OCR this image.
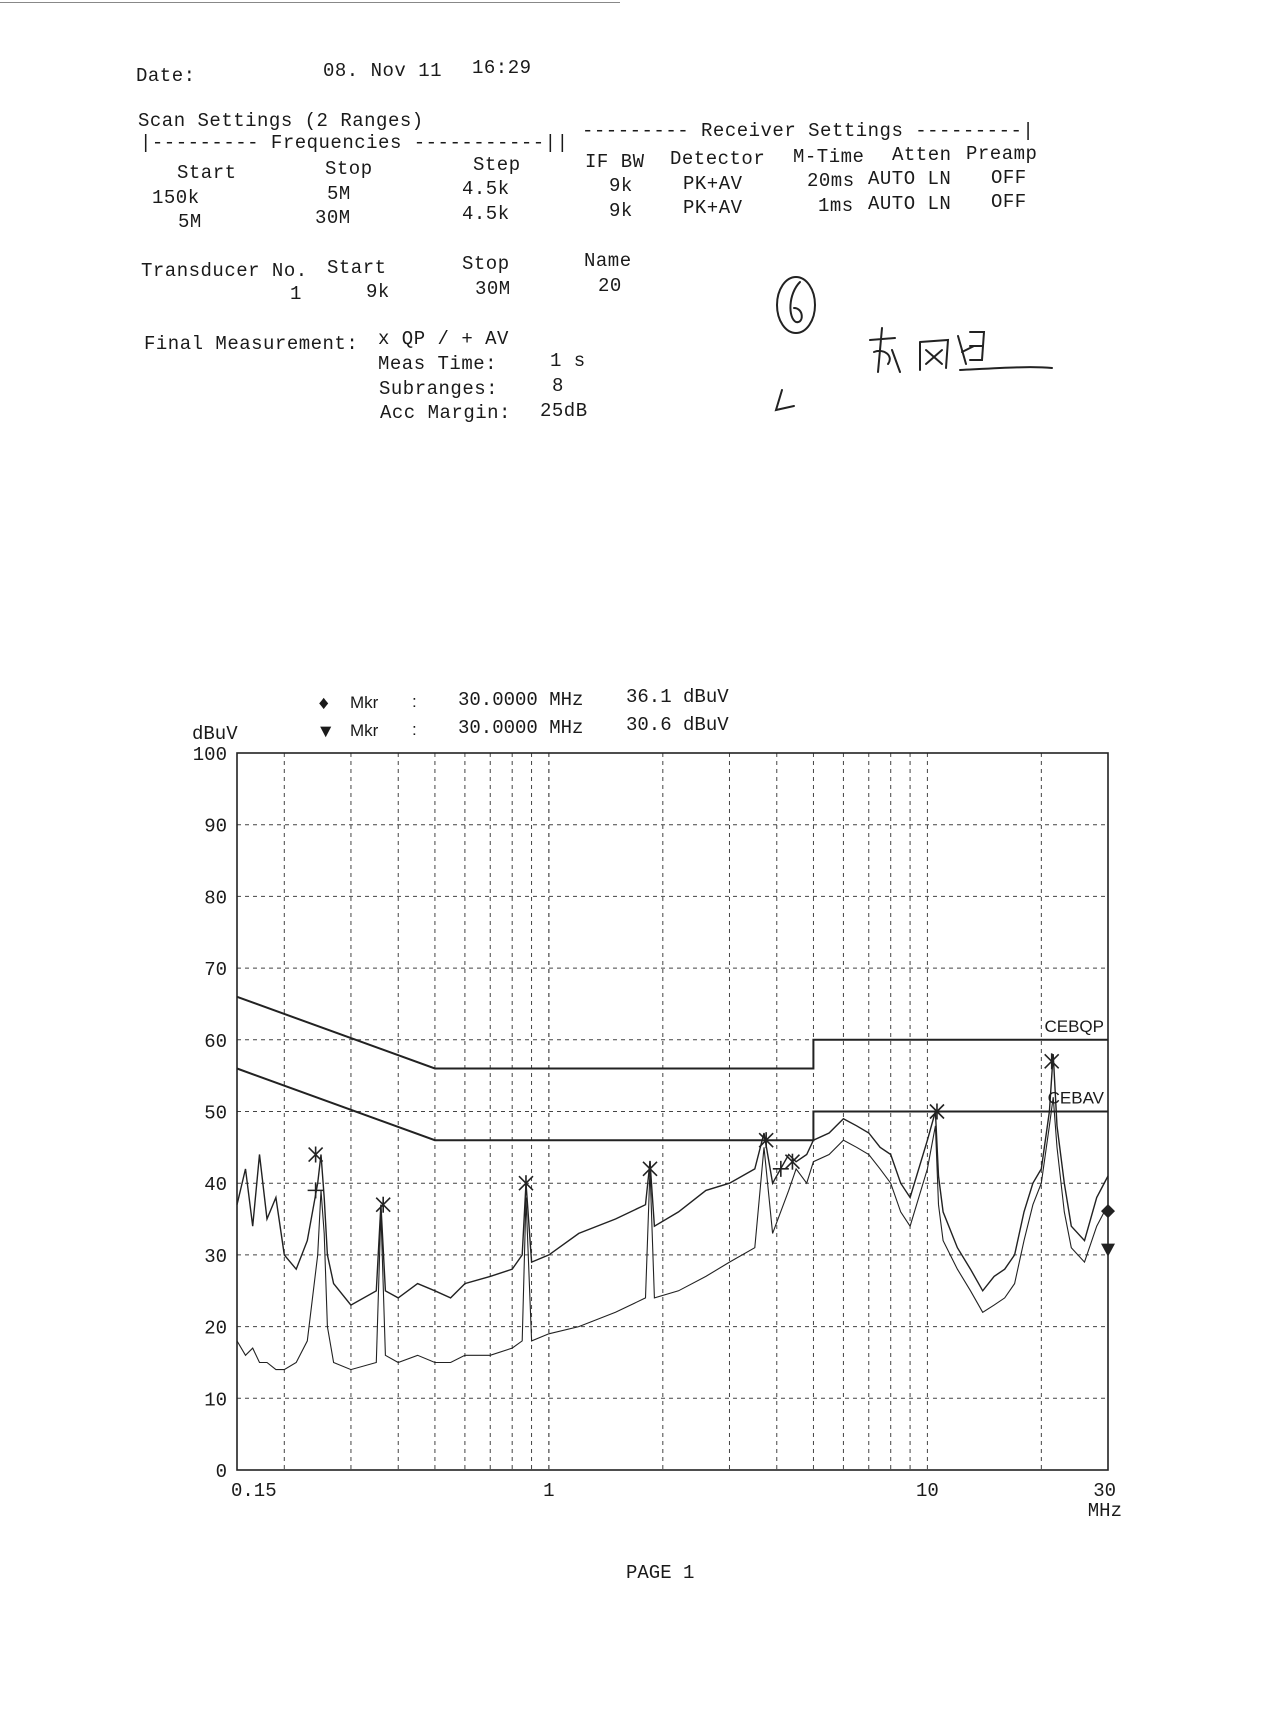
Date:	08. Nov 11 16:29
Scan Settings (2 Ranges)
|--------- Frequencies -----------||
--------- Receiver Settings ---------|
Start	Stop	Step	IF BW Detector M-Time Atten Preamp
150k	5M	4.5k	9k	PK+AV	20ms AUTO LN OFF
5M	30M	4.5k	9k	PK+AV	1ms AUTO LN OFF
Transducer No. Start	Stop	Name
1	9k	30M	20
Final Measurement: x QP / + AV
Meas Time:	1 s
Subranges:	8
Acc Margin: 25dB
0
10
20
30
40
50
60
70
80
90
100
0.15	1	10	30
dBuV
MHz
CEBQP
CEBAV
♦ Mkr : 30.0000 MHz 36.1 dBuV
▼ Mkr : 30.0000 MHz 30.6 dBuV
PAGE 1
